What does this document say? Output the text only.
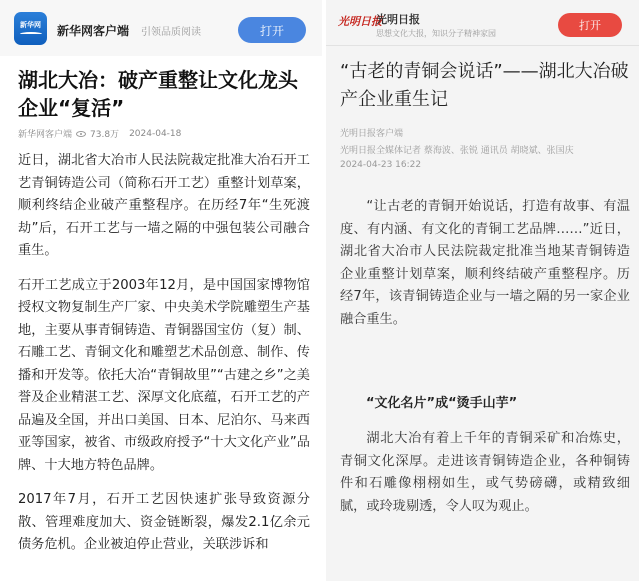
新华网 新华网客户端 引领品质阅读	打开
湖北大冶：破产重整让文化龙头企业“复活”
新华网客户端 73.8万 2024-04-18

近日，湖北省大冶市人民法院裁定批准大冶石开工艺青铜铸造公司（简称石开工艺）重整计划草案，顺利终结企业破产重整程序。在历经7年“生死渡劫”后，石开工艺与一墙之隔的中强包装公司融合重生。

石开工艺成立于2003年12月，是中国国家博物馆授权文物复制生产厂家、中央美术学院雕塑生产基地，主要从事青铜铸造、青铜器国宝仿（复）制、石雕工艺、青铜文化和雕塑艺术品创意、制作、传播和开发等。依托大冶“青铜故里”“古建之乡”之美誉及企业精湛工艺、深厚文化底蕴，石开工艺的产品遍及全国，并出口美国、日本、尼泊尔、马来西亚等国家，被省、市级政府授予“十大文化产业”品牌、十大地方特色品牌。

2017年7月，石开工艺因快速扩张导致资源分散、管理难度加大、资金链断裂，爆发2.1亿余元债务危机。企业被迫停止营业，关联涉诉和

光明日报
光明日报
思想文化大报，知识分子精神家园
打开
“古老的青铜会说话”——湖北大冶破产企业重生记
光明日报客户端
光明日报全媒体记者 蔡海波、张锐 通讯员 胡晓斌、张国庆
2024-04-23 16:22

“让古老的青铜开始说话，打造有故事、有温度、有内涵、有文化的青铜工艺品牌……”近日，湖北省大冶市人民法院裁定批准当地某青铜铸造企业重整计划草案，顺利终结破产重整程序。历经7年，该青铜铸造企业与一墙之隔的另一家企业融合重生。

“文化名片”成“烫手山芋”

湖北大冶有着上千年的青铜采矿和冶炼史，青铜文化深厚。走进该青铜铸造企业，各种铜铸件和石雕像栩栩如生，或气势磅礴，或精致细腻，或玲珑剔透，令人叹为观止。
